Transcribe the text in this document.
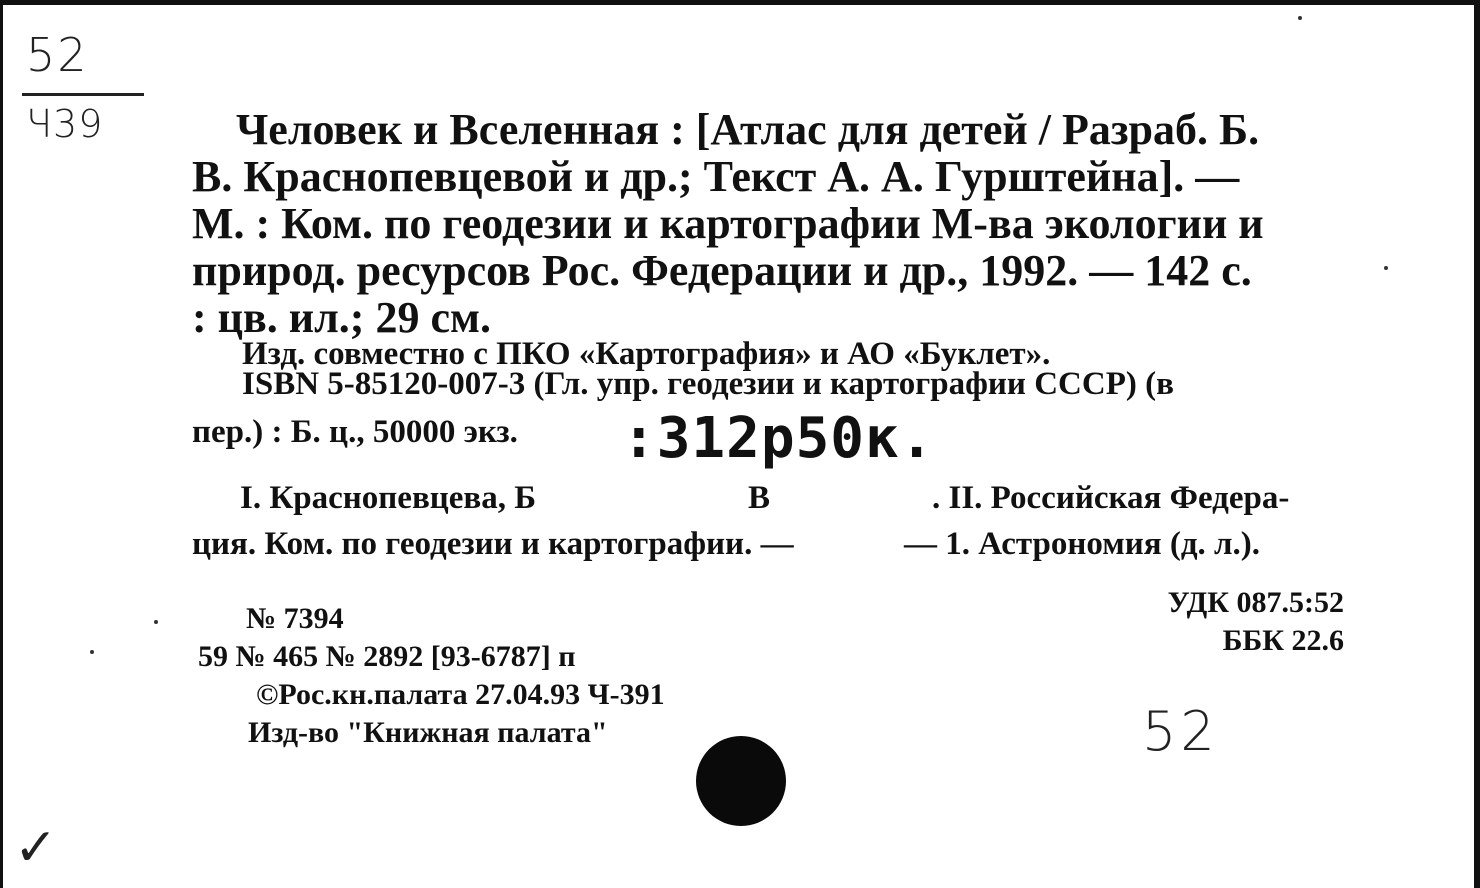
52
Ч39	Человек и Вселенная : [Атлас для детей / Разраб. Б.
В. Краснопевцевой и др.; Текст А. А. Гурштейна]. —
М. : Ком. по геодезии и картографии М-ва экологии и
природ. ресурсов Рос. Федерации и др., 1992. — 142 с.
: цв. ил.; 29 см.
Изд. совместно с ПКО «Картография» и АО «Буклет».
ISBN 5-85120-007-3 (Гл. упр. геодезии и картографии СССР) (в
пер.) : Б. ц., 50000 экз.	:312р50к.
I. Краснопевцева, Б	В	. II. Российская Федера-
ция. Ком. по геодезии и картографии. —	— 1. Астрономия (д. л.).
№ 7394
59 № 465 № 2892 [93-6787] п
©Рос.кн.палата 27.04.93 Ч-391
Изд-во "Книжная палата"
УДК 087.5:52
ББК 22.6
52
✓
